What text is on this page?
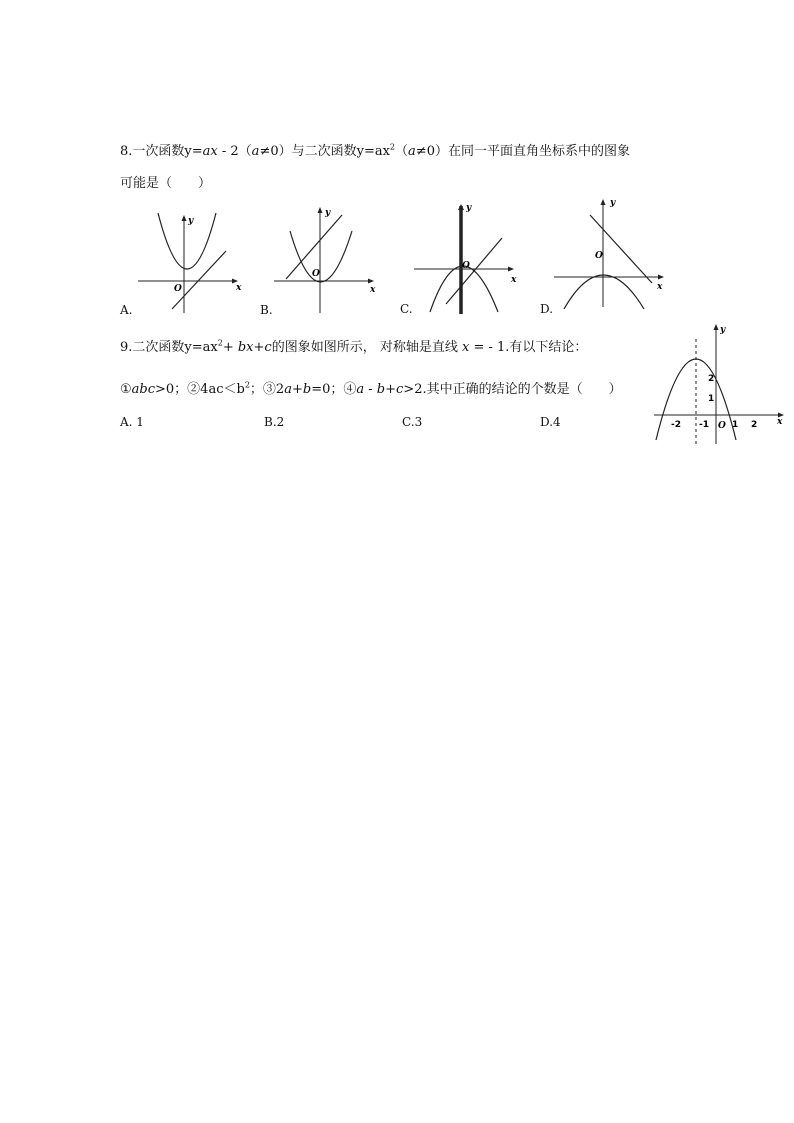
8.一次函数y=ax - 2（a≠0）与二次函数$y=ax^2(a\ne 0)$在同一平面直角坐标系中的图象
可能是（　　）
y
x
O
A.
y
x
O
B.
y
x
O
C.
y
x
O
D.
9.二次函数$y=ax^2+ bx+c$的图象如图所示， 对称轴是直线 x = - 1.有以下结论：
①abc>0；$②4ac<b^2$；③2a+b=0；④a - b+c>2.其中正确的结论的个数是（　　）
A. 1	B.2	C.3	D.4	-2 -1	1 2
2
1
O
y
x
